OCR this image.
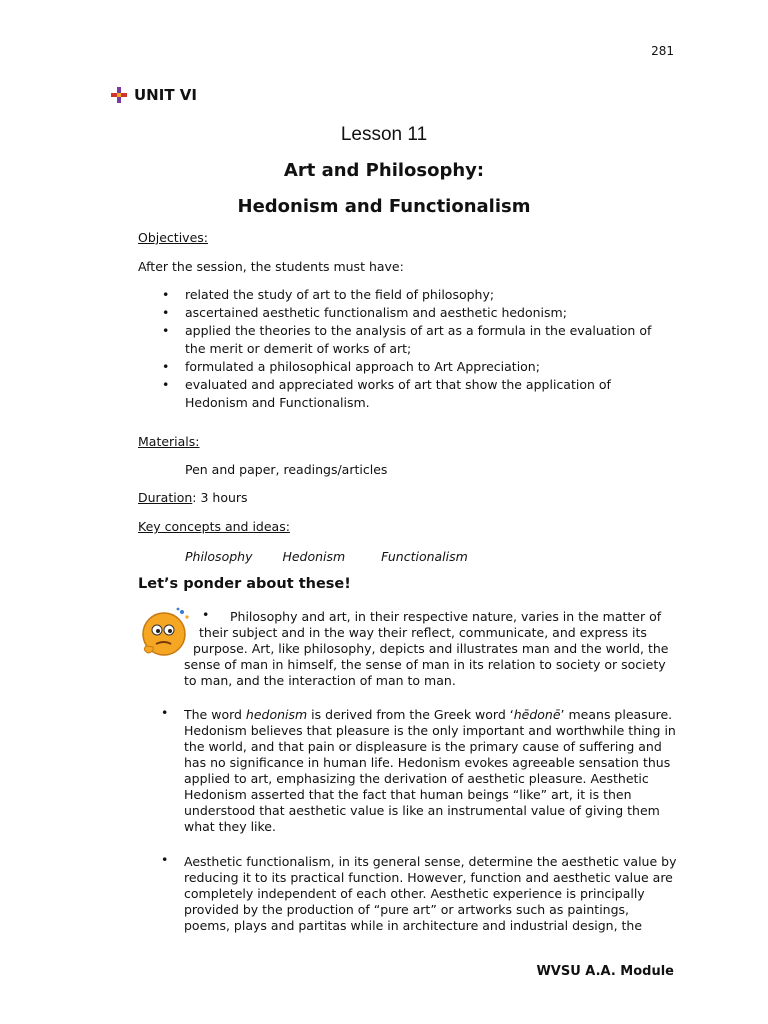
281
UNIT VI
Lesson 11
Art and Philosophy:
Hedonism and Functionalism
Objectives:
After the session, the students must have:
• related the study of art to the field of philosophy;
• ascertained aesthetic functionalism and aesthetic hedonism;
• applied the theories to the analysis of art as a formula in the evaluation of
the merit or demerit of works of art;
• formulated a philosophical approach to Art Appreciation;
• evaluated and appreciated works of art that show the application of
Hedonism and Functionalism.
Materials:
Pen and paper, readings/articles
Duration: 3 hours
Key concepts and ideas:
Philosophy Hedonism	Functionalism
Let’s ponder about these!
•	Philosophy and art, in their respective nature, varies in the matter of
their subject and in the way their reflect, communicate, and express its
purpose. Art, like philosophy, depicts and illustrates man and the world, the
sense of man in himself, the sense of man in its relation to society or society
to man, and the interaction of man to man.
• The word hedonism is derived from the Greek word ‘hēdonē’ means pleasure.
Hedonism believes that pleasure is the only important and worthwhile thing in
the world, and that pain or displeasure is the primary cause of suffering and
has no significance in human life. Hedonism evokes agreeable sensation thus
applied to art, emphasizing the derivation of aesthetic pleasure. Aesthetic
Hedonism asserted that the fact that human beings “like” art, it is then
understood that aesthetic value is like an instrumental value of giving them
what they like.
• Aesthetic functionalism, in its general sense, determine the aesthetic value by
reducing it to its practical function. However, function and aesthetic value are
completely independent of each other. Aesthetic experience is principally
provided by the production of “pure art” or artworks such as paintings,
poems, plays and partitas while in architecture and industrial design, the
WVSU A.A. Module
